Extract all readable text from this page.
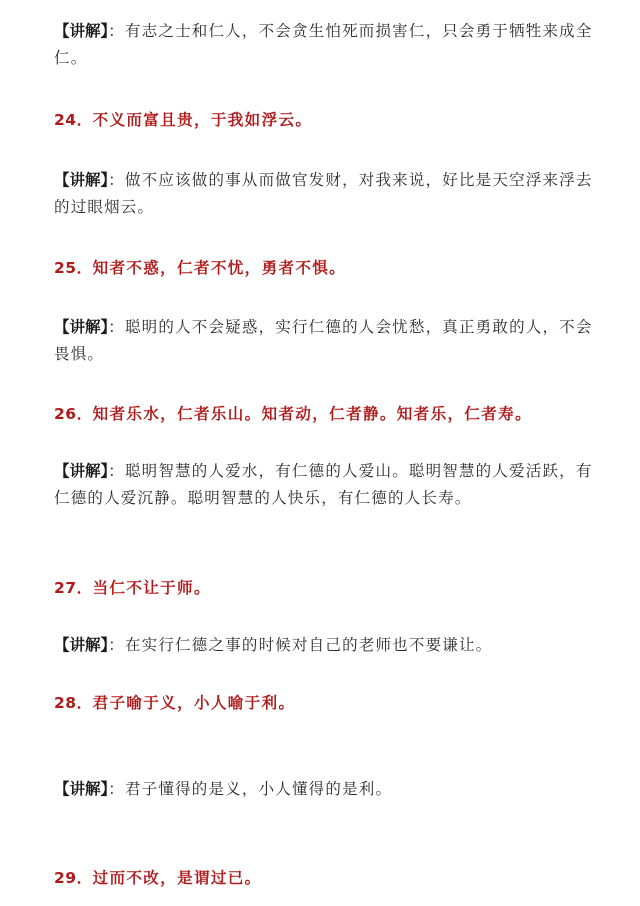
【讲解】：有志之士和仁人，不会贪生怕死而损害仁，只会勇于牺牲来成全仁。

24．不义而富且贵，于我如浮云。

【讲解】：做不应该做的事从而做官发财，对我来说，好比是天空浮来浮去的过眼烟云。

25．知者不惑，仁者不忧，勇者不惧。

【讲解】：聪明的人不会疑惑，实行仁德的人会忧愁，真正勇敢的人，不会畏惧。

26．知者乐水，仁者乐山。知者动，仁者静。知者乐，仁者寿。

【讲解】：聪明智慧的人爱水，有仁德的人爱山。聪明智慧的人爱活跃，有仁德的人爱沉静。聪明智慧的人快乐，有仁德的人长寿。

27．当仁不让于师。

【讲解】：在实行仁德之事的时候对自己的老师也不要谦让。

28．君子喻于义，小人喻于利。

【讲解】：君子懂得的是义，小人懂得的是利。

29．过而不改，是谓过已。
